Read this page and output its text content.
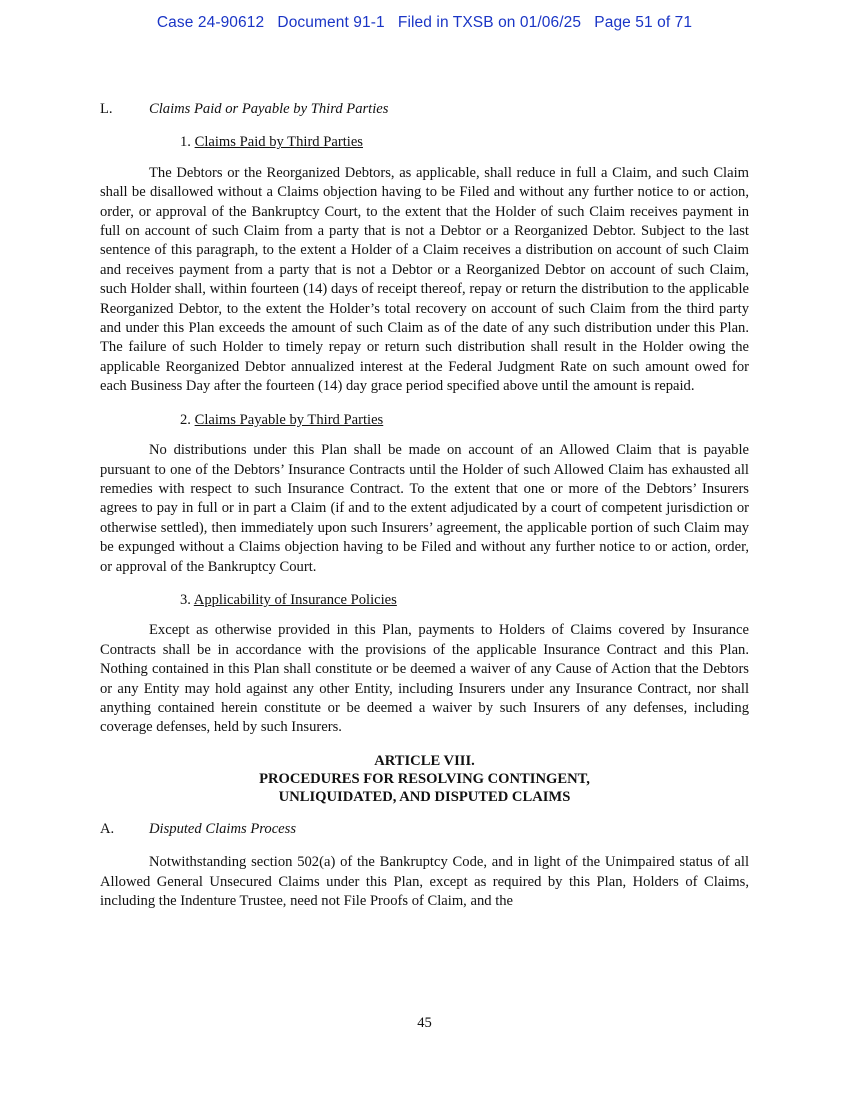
Case 24-90612   Document 91-1   Filed in TXSB on 01/06/25   Page 51 of 71
L. Claims Paid or Payable by Third Parties
1. Claims Paid by Third Parties

The Debtors or the Reorganized Debtors, as applicable, shall reduce in full a Claim, and such Claim shall be disallowed without a Claims objection having to be Filed and without any further notice to or action, order, or approval of the Bankruptcy Court, to the extent that the Holder of such Claim receives payment in full on account of such Claim from a party that is not a Debtor or a Reorganized Debtor. Subject to the last sentence of this paragraph, to the extent a Holder of a Claim receives a distribution on account of such Claim and receives payment from a party that is not a Debtor or a Reorganized Debtor on account of such Claim, such Holder shall, within fourteen (14) days of receipt thereof, repay or return the distribution to the applicable Reorganized Debtor, to the extent the Holder’s total recovery on account of such Claim from the third party and under this Plan exceeds the amount of such Claim as of the date of any such distribution under this Plan. The failure of such Holder to timely repay or return such distribution shall result in the Holder owing the applicable Reorganized Debtor annualized interest at the Federal Judgment Rate on such amount owed for each Business Day after the fourteen (14) day grace period specified above until the amount is repaid.

2. Claims Payable by Third Parties

No distributions under this Plan shall be made on account of an Allowed Claim that is payable pursuant to one of the Debtors’ Insurance Contracts until the Holder of such Allowed Claim has exhausted all remedies with respect to such Insurance Contract. To the extent that one or more of the Debtors’ Insurers agrees to pay in full or in part a Claim (if and to the extent adjudicated by a court of competent jurisdiction or otherwise settled), then immediately upon such Insurers’ agreement, the applicable portion of such Claim may be expunged without a Claims objection having to be Filed and without any further notice to or action, order, or approval of the Bankruptcy Court.

3. Applicability of Insurance Policies

Except as otherwise provided in this Plan, payments to Holders of Claims covered by Insurance Contracts shall be in accordance with the provisions of the applicable Insurance Contract and this Plan. Nothing contained in this Plan shall constitute or be deemed a waiver of any Cause of Action that the Debtors or any Entity may hold against any other Entity, including Insurers under any Insurance Contract, nor shall anything contained herein constitute or be deemed a waiver by such Insurers of any defenses, including coverage defenses, held by such Insurers.

ARTICLE VIII.
PROCEDURES FOR RESOLVING CONTINGENT,
UNLIQUIDATED, AND DISPUTED CLAIMS
A. Disputed Claims Process

Notwithstanding section 502(a) of the Bankruptcy Code, and in light of the Unimpaired status of all Allowed General Unsecured Claims under this Plan, except as required by this Plan, Holders of Claims, including the Indenture Trustee, need not File Proofs of Claim, and the

45
